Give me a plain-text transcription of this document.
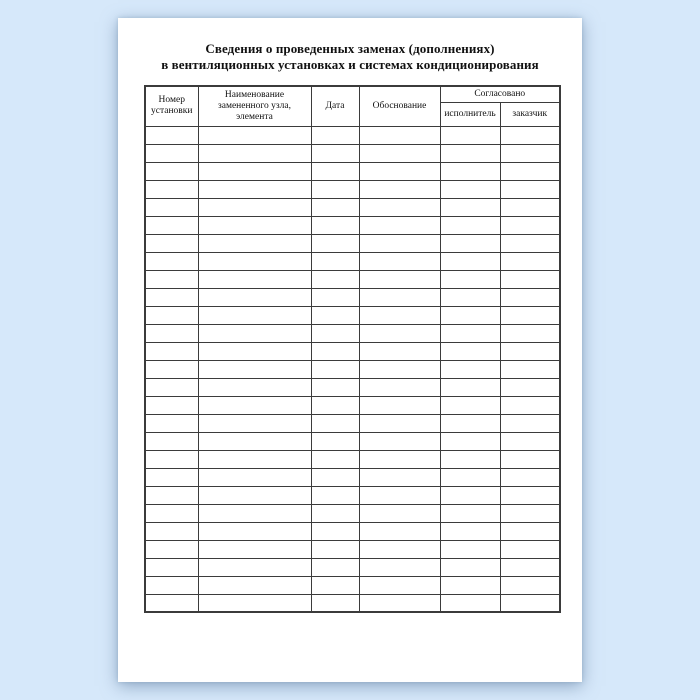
Сведения о проведенных заменах (дополнениях)
в вентиляционных установках и системах кондиционирования
Номер установки	Наименование замененного узла, элемента	Дата	Обоснование	Согласовано	
				исполнитель	заказчик
